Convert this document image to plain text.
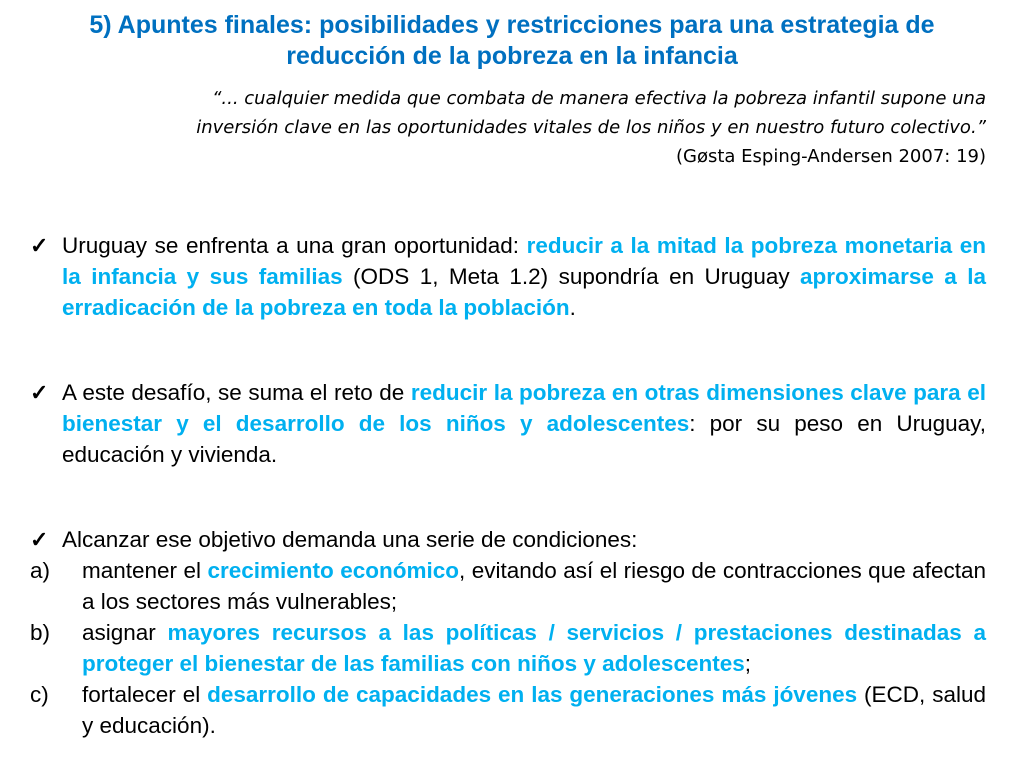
5) Apuntes finales: posibilidades y restricciones para una estrategia de
reducción de la pobreza en la infancia
“... cualquier medida que combata de manera efectiva la pobreza infantil supone una
inversión clave en las oportunidades vitales de los niños y en nuestro futuro colectivo.”
(Gøsta Esping-Andersen 2007: 19)
✓ Uruguay se enfrenta a una gran oportunidad: reducir a la mitad la pobreza monetaria en la infancia y sus familias (ODS 1, Meta 1.2) supondría en Uruguay aproximarse a la erradicación de la pobreza en toda la población.
✓ A este desafío, se suma el reto de reducir la pobreza en otras dimensiones clave para el bienestar y el desarrollo de los niños y adolescentes: por su peso en Uruguay, educación y vivienda.
✓ Alcanzar ese objetivo demanda una serie de condiciones:
a)	mantener el crecimiento económico, evitando así el riesgo de contracciones que afectan a los sectores más vulnerables;
b)	asignar mayores recursos a las políticas / servicios / prestaciones destinadas a proteger el bienestar de las familias con niños y adolescentes;
c)	fortalecer el desarrollo de capacidades en las generaciones más jóvenes (ECD, salud y educación).
